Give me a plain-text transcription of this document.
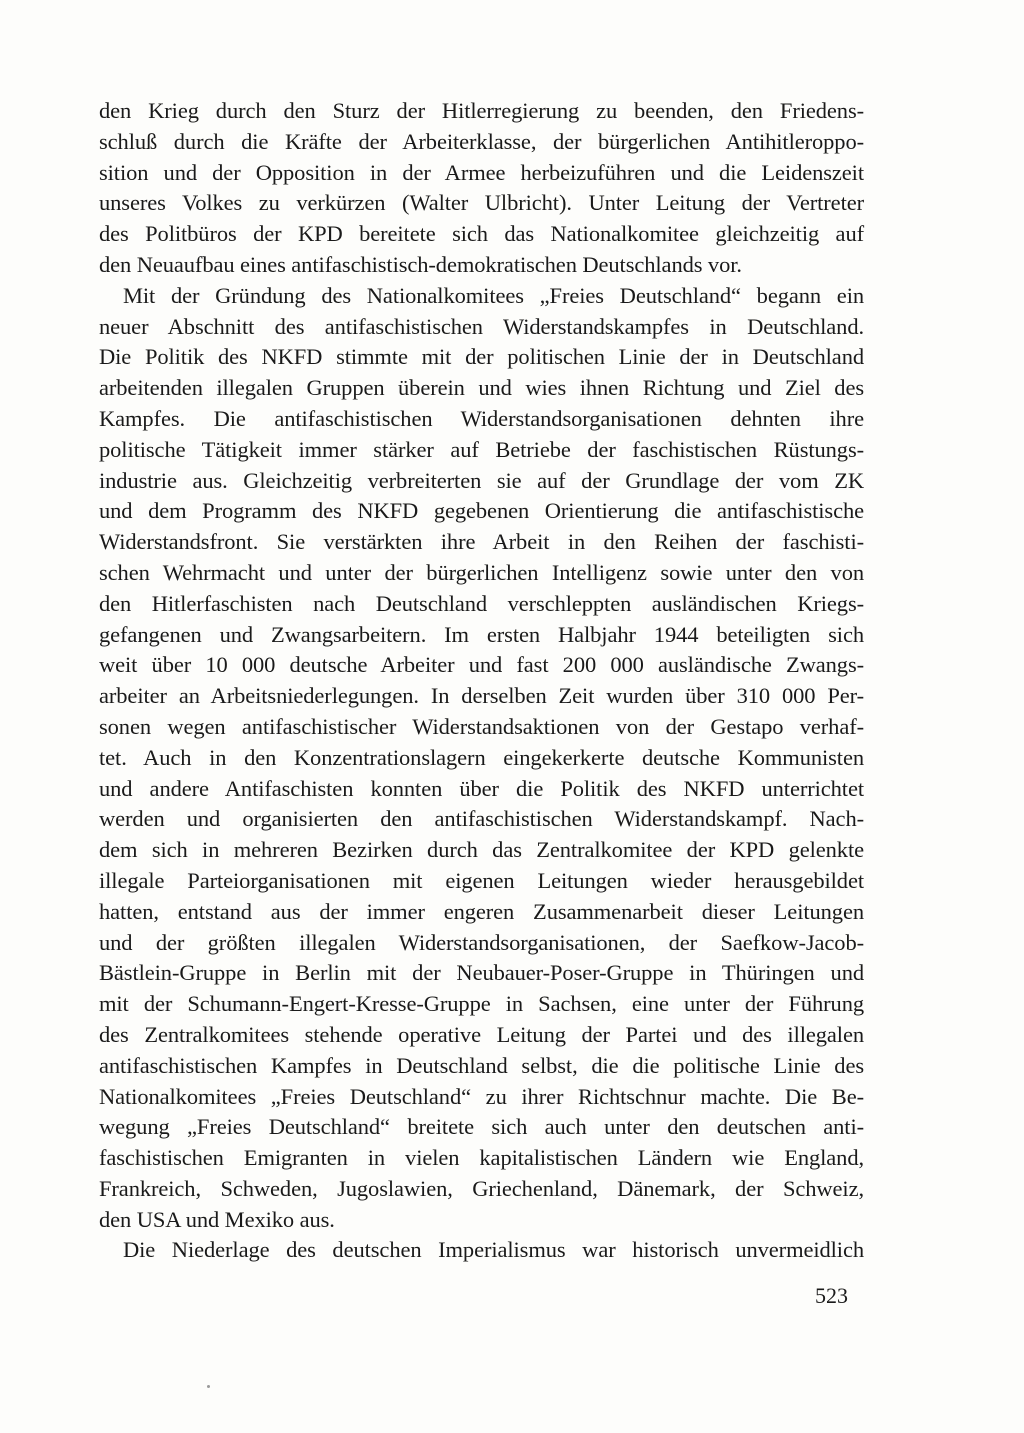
den Krieg durch den Sturz der Hitlerregierung zu beenden, den Friedens-
schluß durch die Kräfte der Arbeiterklasse, der bürgerlichen Antihitleroppo-
sition und der Opposition in der Armee herbeizuführen und die Leidenszeit
unseres Volkes zu verkürzen (Walter Ulbricht). Unter Leitung der Vertreter
des Politbüros der KPD bereitete sich das Nationalkomitee gleichzeitig auf
den Neuaufbau eines antifaschistisch-demokratischen Deutschlands vor.
Mit der Gründung des Nationalkomitees „Freies Deutschland“ begann ein
neuer Abschnitt des antifaschistischen Widerstandskampfes in Deutschland.
Die Politik des NKFD stimmte mit der politischen Linie der in Deutschland
arbeitenden illegalen Gruppen überein und wies ihnen Richtung und Ziel des
Kampfes. Die antifaschistischen Widerstandsorganisationen dehnten ihre
politische Tätigkeit immer stärker auf Betriebe der faschistischen Rüstungs-
industrie aus. Gleichzeitig verbreiterten sie auf der Grundlage der vom ZK
und dem Programm des NKFD gegebenen Orientierung die antifaschistische
Widerstandsfront. Sie verstärkten ihre Arbeit in den Reihen der faschisti-
schen Wehrmacht und unter der bürgerlichen Intelligenz sowie unter den von
den Hitlerfaschisten nach Deutschland verschleppten ausländischen Kriegs-
gefangenen und Zwangsarbeitern. Im ersten Halbjahr 1944 beteiligten sich
weit über 10 000 deutsche Arbeiter und fast 200 000 ausländische Zwangs-
arbeiter an Arbeitsniederlegungen. In derselben Zeit wurden über 310 000 Per-
sonen wegen antifaschistischer Widerstandsaktionen von der Gestapo verhaf-
tet. Auch in den Konzentrationslagern eingekerkerte deutsche Kommunisten
und andere Antifaschisten konnten über die Politik des NKFD unterrichtet
werden und organisierten den antifaschistischen Widerstandskampf. Nach-
dem sich in mehreren Bezirken durch das Zentralkomitee der KPD gelenkte
illegale Parteiorganisationen mit eigenen Leitungen wieder herausgebildet
hatten, entstand aus der immer engeren Zusammenarbeit dieser Leitungen
und der größten illegalen Widerstandsorganisationen, der Saefkow-Jacob-
Bästlein-Gruppe in Berlin mit der Neubauer-Poser-Gruppe in Thüringen und
mit der Schumann-Engert-Kresse-Gruppe in Sachsen, eine unter der Führung
des Zentralkomitees stehende operative Leitung der Partei und des illegalen
antifaschistischen Kampfes in Deutschland selbst, die die politische Linie des
Nationalkomitees „Freies Deutschland“ zu ihrer Richtschnur machte. Die Be-
wegung „Freies Deutschland“ breitete sich auch unter den deutschen anti-
faschistischen Emigranten in vielen kapitalistischen Ländern wie England,
Frankreich, Schweden, Jugoslawien, Griechenland, Dänemark, der Schweiz,
den USA und Mexiko aus.
Die Niederlage des deutschen Imperialismus war historisch unvermeidlich
523
